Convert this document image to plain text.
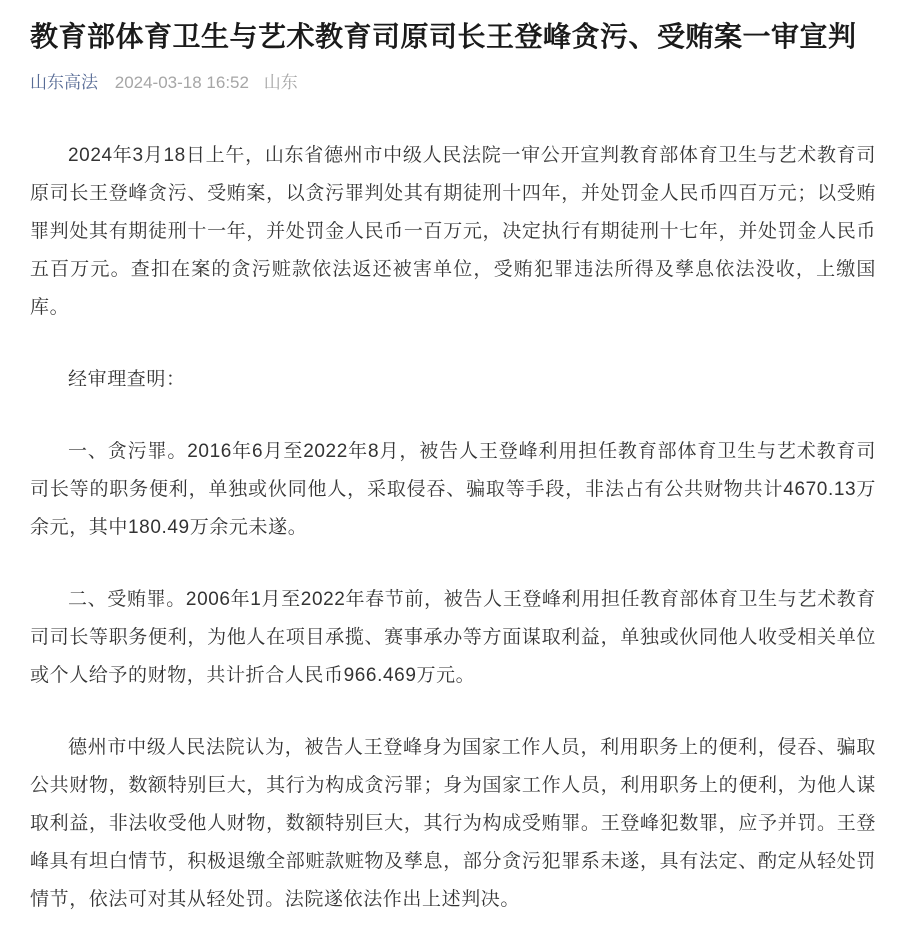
教育部体育卫生与艺术教育司原司长王登峰贪污、受贿案一审宣判
山东高法 2024-03-18 16:52 山东

2024年3月18日上午，山东省德州市中级人民法院一审公开宣判教育部体育卫生与艺术教育司原司长王登峰贪污、受贿案，以贪污罪判处其有期徒刑十四年，并处罚金人民币四百万元；以受贿罪判处其有期徒刑十一年，并处罚金人民币一百万元，决定执行有期徒刑十七年，并处罚金人民币五百万元。查扣在案的贪污赃款依法返还被害单位，受贿犯罪违法所得及孳息依法没收，上缴国库。

经审理查明：

一、贪污罪。2016年6月至2022年8月，被告人王登峰利用担任教育部体育卫生与艺术教育司司长等的职务便利，单独或伙同他人，采取侵吞、骗取等手段，非法占有公共财物共计4670.13万余元，其中180.49万余元未遂。

二、受贿罪。2006年1月至2022年春节前，被告人王登峰利用担任教育部体育卫生与艺术教育司司长等职务便利，为他人在项目承揽、赛事承办等方面谋取利益，单独或伙同他人收受相关单位或个人给予的财物，共计折合人民币966.469万元。

德州市中级人民法院认为，被告人王登峰身为国家工作人员，利用职务上的便利，侵吞、骗取公共财物，数额特别巨大，其行为构成贪污罪；身为国家工作人员，利用职务上的便利，为他人谋取利益，非法收受他人财物，数额特别巨大，其行为构成受贿罪。王登峰犯数罪，应予并罚。王登峰具有坦白情节，积极退缴全部赃款赃物及孳息，部分贪污犯罪系未遂，具有法定、酌定从轻处罚情节，依法可对其从轻处罚。法院遂依法作出上述判决。
